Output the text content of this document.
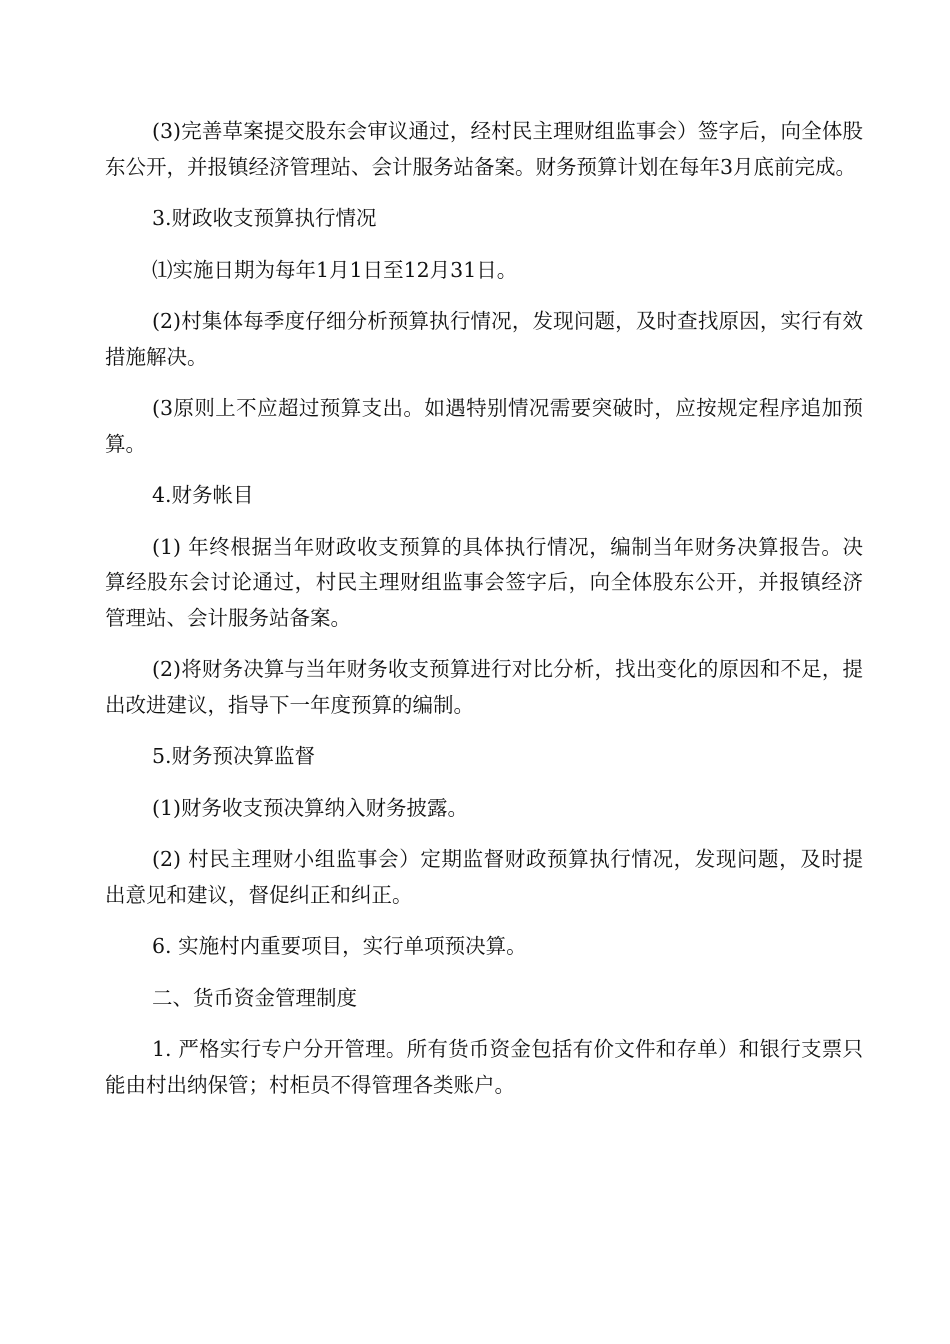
(3)完善草案提交股东会审议通过，经村民主理财组监事会）签字后，向全体股东公开，并报镇经济管理站、会计服务站备案。财务预算计划在每年3月底前完成。

3.财政收支预算执行情况

⑴实施日期为每年1月1日至12月31日。

(2)村集体每季度仔细分析预算执行情况，发现问题，及时查找原因，实行有效措施解决。

(3原则上不应超过预算支出。如遇特别情况需要突破时，应按规定程序追加预算。

4.财务帐目

(1) 年终根据当年财政收支预算的具体执行情况，编制当年财务决算报告。决算经股东会讨论通过，村民主理财组监事会签字后，向全体股东公开，并报镇经济管理站、会计服务站备案。

(2)将财务决算与当年财务收支预算进行对比分析，找出变化的原因和不足，提出改进建议，指导下一年度预算的编制。

5.财务预决算监督

(1)财务收支预决算纳入财务披露。

(2) 村民主理财小组监事会）定期监督财政预算执行情况，发现问题，及时提出意见和建议，督促纠正和纠正。

6. 实施村内重要项目，实行单项预决算。

二、货币资金管理制度

1. 严格实行专户分开管理。所有货币资金包括有价文件和存单）和银行支票只能由村出纳保管；村柜员不得管理各类账户。
